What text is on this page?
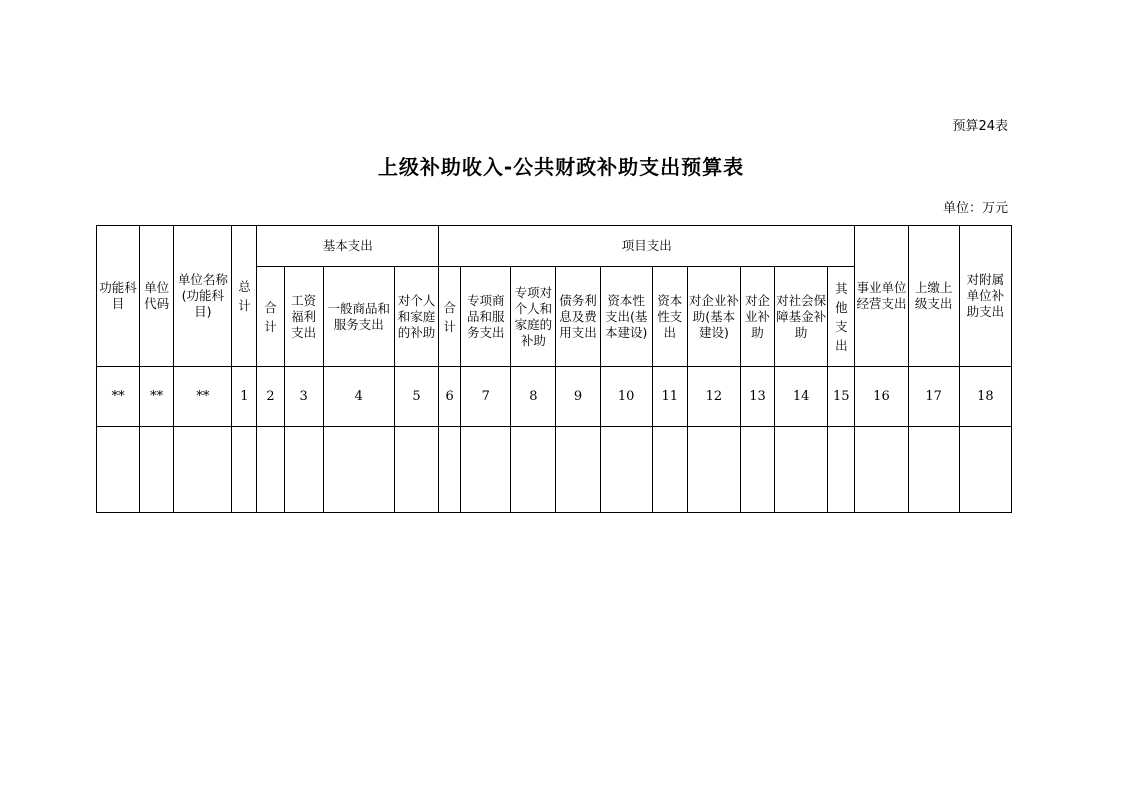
预算24表
上级补助收入-公共财政补助支出预算表
单位：万元
功能科目	单位代码	单位名称(功能科目)	总计	基本支出				项目支出										事业单位经营支出	上缴上级支出	对附属单位补助支出
				合计	工资福利支出	一般商品和服务支出	对个人和家庭的补助	合计	专项商品和服务支出	专项对个人和家庭的补助	债务利息及费用支出	资本性支出(基本建设)	资本性支出	对企业补助(基本建设)	对企业补助	对社会保障基金补助	其他支出			
**	**	**	1	2	3	4	5	6	7	8	9	10	11	12	13	14	15	16	17	18
